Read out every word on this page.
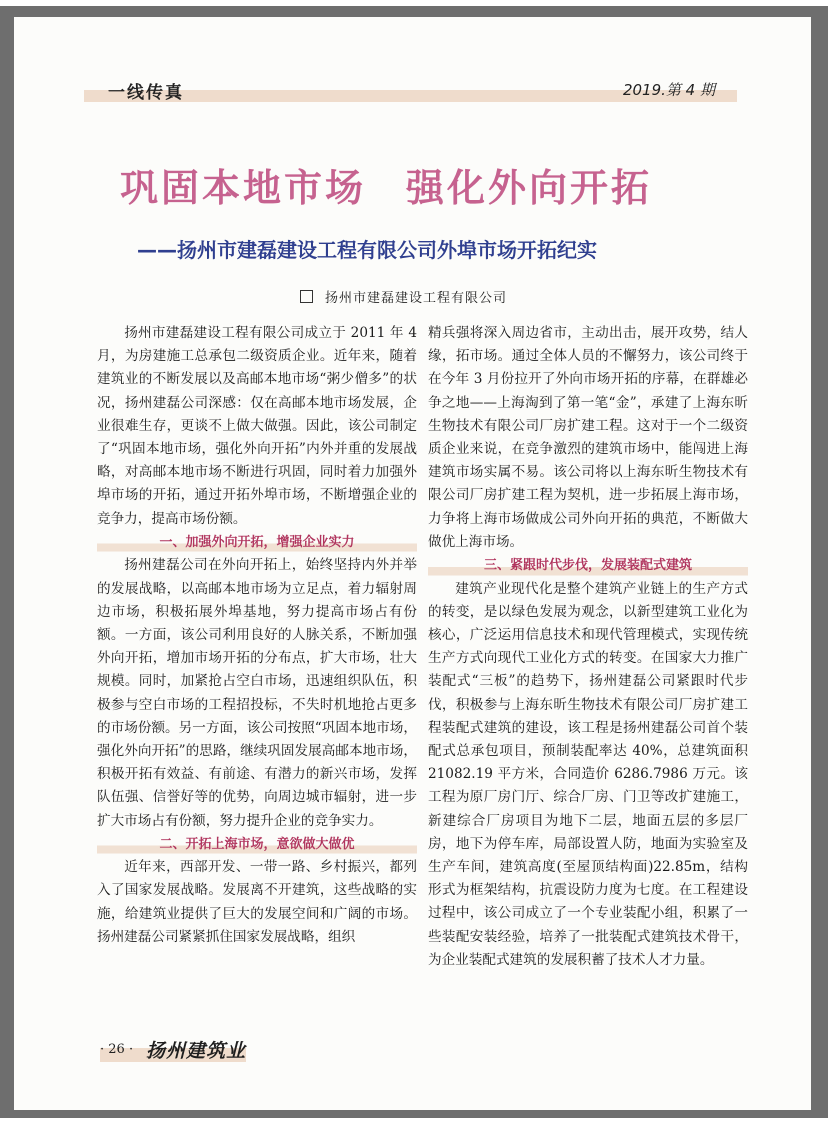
一线传真	2019.第 4 期
巩固本地市场 强化外向开拓
——扬州市建磊建设工程有限公司外埠市场开拓纪实
扬州市建磊建设工程有限公司

扬州市建磊建设工程有限公司成立于 2011 年 4 月，为房建施工总承包二级资质企业。近年来，随着建筑业的不断发展以及高邮本地市场“粥少僧多”的状况，扬州建磊公司深感：仅在高邮本地市场发展，企业很难生存，更谈不上做大做强。因此，该公司制定了“巩固本地市场，强化外向开拓”内外并重的发展战略，对高邮本地市场不断进行巩固，同时着力加强外埠市场的开拓，通过开拓外埠市场，不断增强企业的竞争力，提高市场份额。

一、加强外向开拓，增强企业实力

扬州建磊公司在外向开拓上，始终坚持内外并举的发展战略，以高邮本地市场为立足点，着力辐射周边市场，积极拓展外埠基地，努力提高市场占有份额。一方面，该公司利用良好的人脉关系，不断加强外向开拓，增加市场开拓的分布点，扩大市场，壮大规模。同时，加紧抢占空白市场，迅速组织队伍，积极参与空白市场的工程招投标，不失时机地抢占更多的市场份额。另一方面，该公司按照“巩固本地市场，强化外向开拓”的思路，继续巩固发展高邮本地市场，积极开拓有效益、有前途、有潜力的新兴市场，发挥队伍强、信誉好等的优势，向周边城市辐射，进一步扩大市场占有份额，努力提升企业的竞争实力。

二、开拓上海市场，意欲做大做优

近年来，西部开发、一带一路、乡村振兴，都列入了国家发展战略。发展离不开建筑，这些战略的实施，给建筑业提供了巨大的发展空间和广阔的市场。扬州建磊公司紧紧抓住国家发展战略，组织

精兵强将深入周边省市，主动出击，展开攻势，结人缘，拓市场。通过全体人员的不懈努力，该公司终于在今年 3 月份拉开了外向市场开拓的序幕，在群雄必争之地——上海淘到了第一笔“金”，承建了上海东昕生物技术有限公司厂房扩建工程。这对于一个二级资质企业来说，在竞争激烈的建筑市场中，能闯进上海建筑市场实属不易。该公司将以上海东昕生物技术有限公司厂房扩建工程为契机，进一步拓展上海市场，力争将上海市场做成公司外向开拓的典范，不断做大做优上海市场。

三、紧跟时代步伐，发展装配式建筑

建筑产业现代化是整个建筑产业链上的生产方式的转变，是以绿色发展为观念，以新型建筑工业化为核心，广泛运用信息技术和现代管理模式，实现传统生产方式向现代工业化方式的转变。在国家大力推广装配式“三板”的趋势下，扬州建磊公司紧跟时代步伐，积极参与上海东昕生物技术有限公司厂房扩建工程装配式建筑的建设，该工程是扬州建磊公司首个装配式总承包项目，预制装配率达 40%，总建筑面积 21082.19 平方米，合同造价 6286.7986 万元。该工程为原厂房门厅、综合厂房、门卫等改扩建施工，新建综合厂房项目为地下二层，地面五层的多层厂房，地下为停车库，局部设置人防，地面为实验室及生产车间，建筑高度(至屋顶结构面)22.85m，结构形式为框架结构，抗震设防力度为七度。在工程建设过程中，该公司成立了一个专业装配小组，积累了一些装配安装经验，培养了一批装配式建筑技术骨干，为企业装配式建筑的发展积蓄了技术人才力量。

· 26 · 扬州建筑业
